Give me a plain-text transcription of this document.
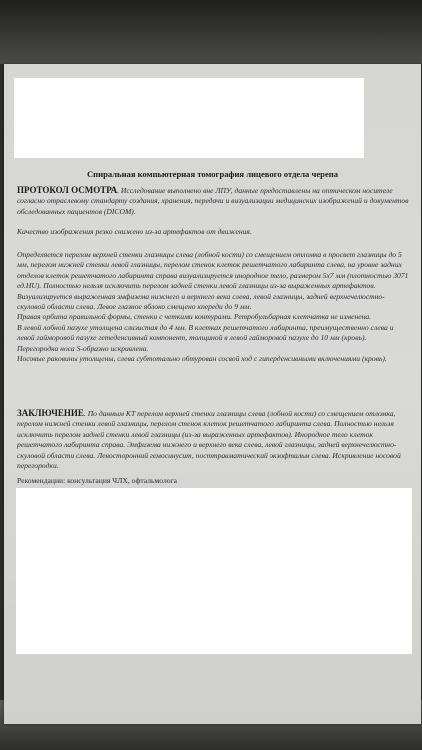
Спиральная компьютерная томография лицевого отдела черепа

ПРОТОКОЛ ОСМОТРА. Исследование выполнено вне ЛПУ, данные предоставлены на оптическом носителе согласно отраслевому стандарту создания, хранения, передачи и визуализации медицинских изображений и документов обследованных пациентов (DICOM).

Качество изображения резко снижено из-за артефактов от движения.

Определяется перелом верхней стенки глазницы слева (лобной кости) со смещением отломка в просвет глазницы до 5 мм, перелом нижней стенки левой глазницы, перелом стенок клеток решетчатого лабиринта слева, на уровне задних отделов клеток решетчатого лабиринта справа визуализируется инородное тело, размером 5х7 мм (плотностью 3071 ед.HU). Полностью нельзя исключить перелом задней стенки левой глазницы из-за выраженных артефактов.

Визуализируется выраженная эмфизема нижнего и верхнего века слева, левой глазницы, задней верхнечелюстно-скуловой области слева. Левое глазное яблоко смещено кпереди до 9 мм.

Правая орбита правильной формы, стенки с четкими контурами. Ретробульбарная клетчатка не изменена.

В левой лобной пазухе утолщена слизистая до 4 мм. В клетках решетчатого лабиринта, преимущественно слева и левой гайморовой пазухе гетеденсивный компонент, толщиной в левой гайморовой пазухе до 10 мм (кровь).

Перегородка носа S-образно искривлена.

Носовые раковины утолщены, слева субтотально обтурован сосвой ход с гиперденсивными включениями (кровь).

ЗАКЛЮЧЕНИЕ. По данным КТ перелом верхней стенки глазницы слева (лобной кости) со смещением отломка, перелом нижней стенки левой глазницы, перелом стенок клеток решетчатого лабиринта слева. Полностью нельзя исключить перелом задней стенки левой глазницы (из-за выраженных артефактов). Инородное тело клеток решетчатого лабиринта справа. Эмфизема нижнего и верхнего века слева, левой глазницы, задней верхнечелюстно-скуловой области слева. Левосторонний гемосинусит, посттравматический экзофтальм слева. Искривление носовой перегородки.

Рекомендации: консультация ЧЛХ, офтальмолога
